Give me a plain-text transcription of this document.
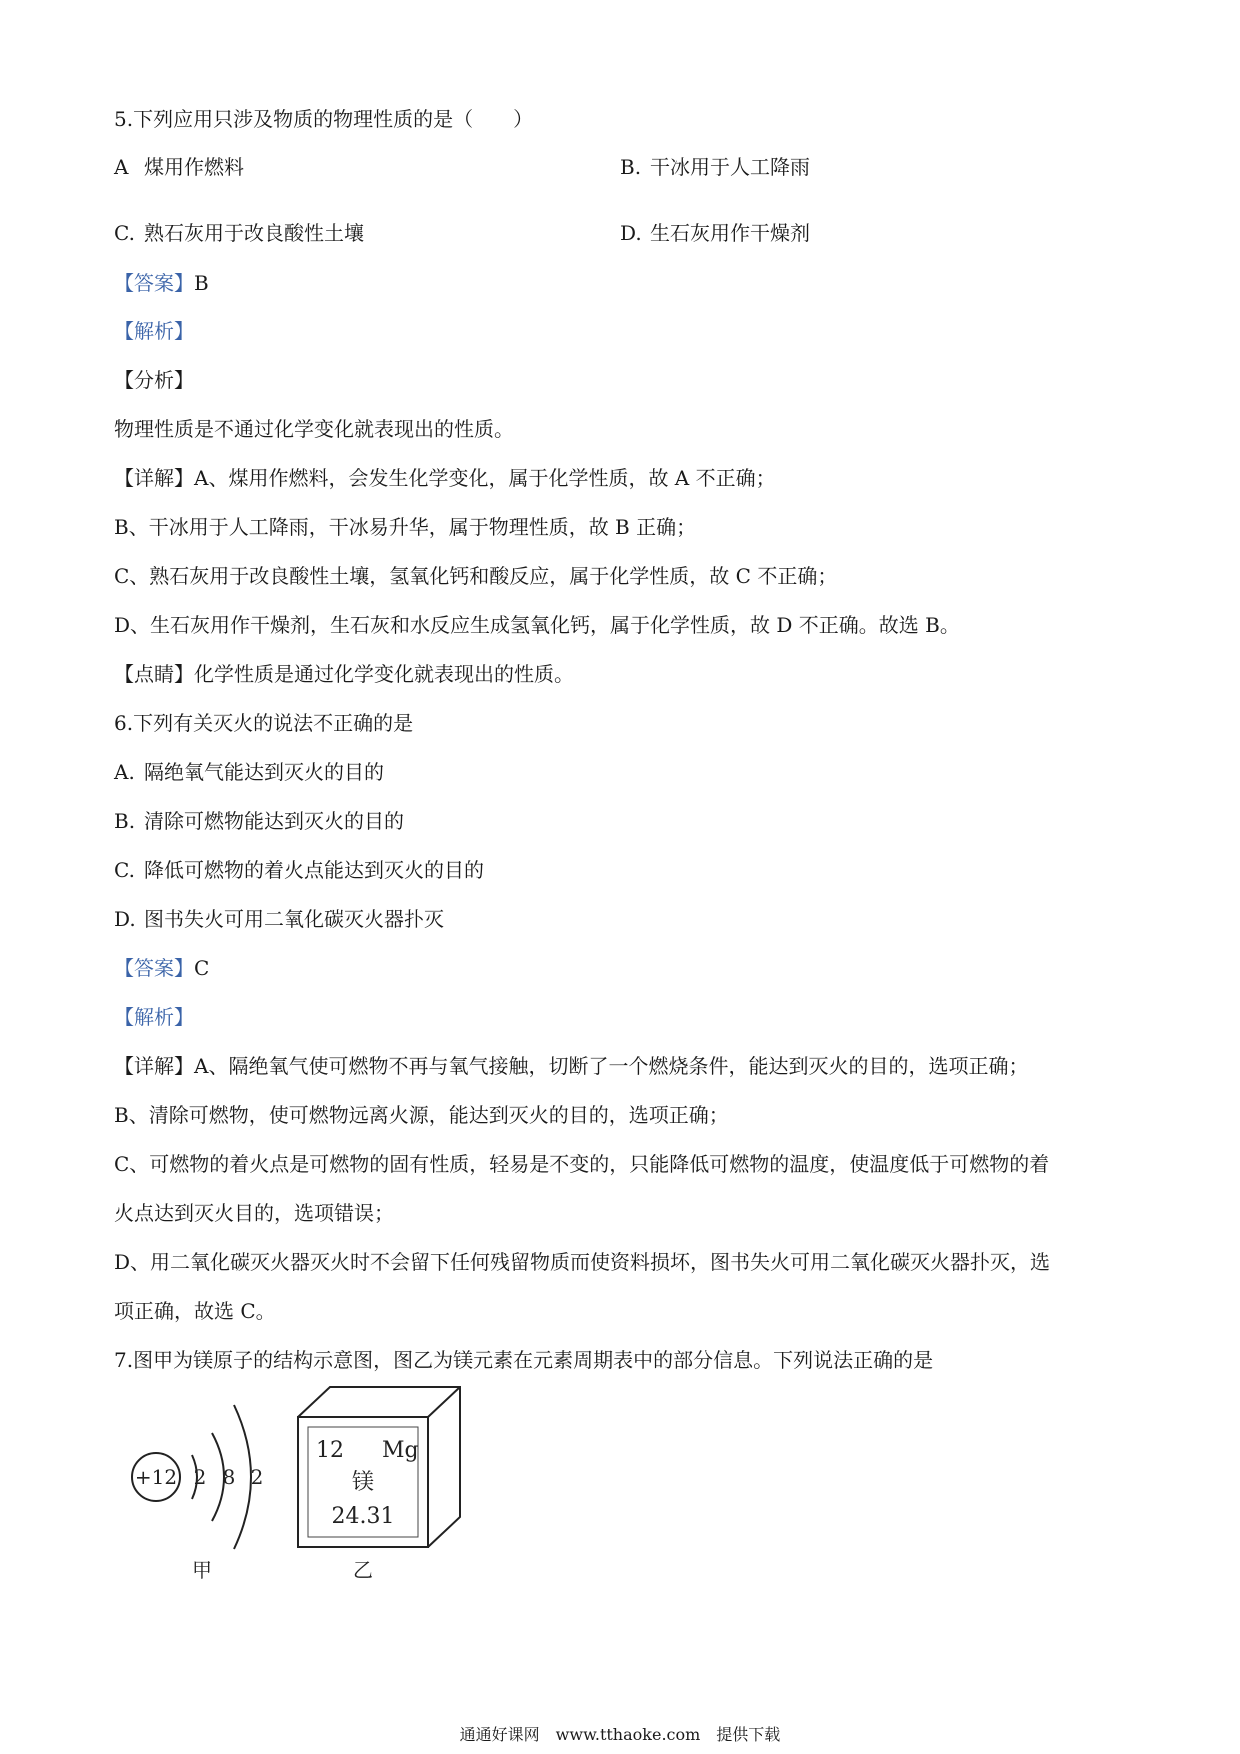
5.下列应用只涉及物质的物理性质的是（　　）
A 煤用作燃料	B. 干冰用于人工降雨
C. 熟石灰用于改良酸性土壤	D. 生石灰用作干燥剂
【答案】B
【解析】
【分析】
物理性质是不通过化学变化就表现出的性质。
【详解】A、煤用作燃料，会发生化学变化，属于化学性质，故 A 不正确；
B、干冰用于人工降雨，干冰易升华，属于物理性质，故 B 正确；
C、熟石灰用于改良酸性土壤，氢氧化钙和酸反应，属于化学性质，故 C 不正确；
D、生石灰用作干燥剂，生石灰和水反应生成氢氧化钙，属于化学性质，故 D 不正确。故选 B。
【点睛】化学性质是通过化学变化就表现出的性质。
6.下列有关灭火的说法不正确的是
A. 隔绝氧气能达到灭火的目的
B. 清除可燃物能达到灭火的目的
C. 降低可燃物的着火点能达到灭火的目的
D. 图书失火可用二氧化碳灭火器扑灭
【答案】C
【解析】
【详解】A、隔绝氧气使可燃物不再与氧气接触，切断了一个燃烧条件，能达到灭火的目的，选项正确；
B、清除可燃物，使可燃物远离火源，能达到灭火的目的，选项正确；
C、可燃物的着火点是可燃物的固有性质，轻易是不变的，只能降低可燃物的温度，使温度低于可燃物的着
火点达到灭火目的，选项错误；
D、用二氧化碳灭火器灭火时不会留下任何残留物质而使资料损坏，图书失火可用二氧化碳灭火器扑灭，选
项正确，故选 C。
7.图甲为镁原子的结构示意图，图乙为镁元素在元素周期表中的部分信息。下列说法正确的是
+12 2 8 2
甲
12 Mg
镁
24.31
乙
通通好课网　www.tthaoke.com　提供下载
